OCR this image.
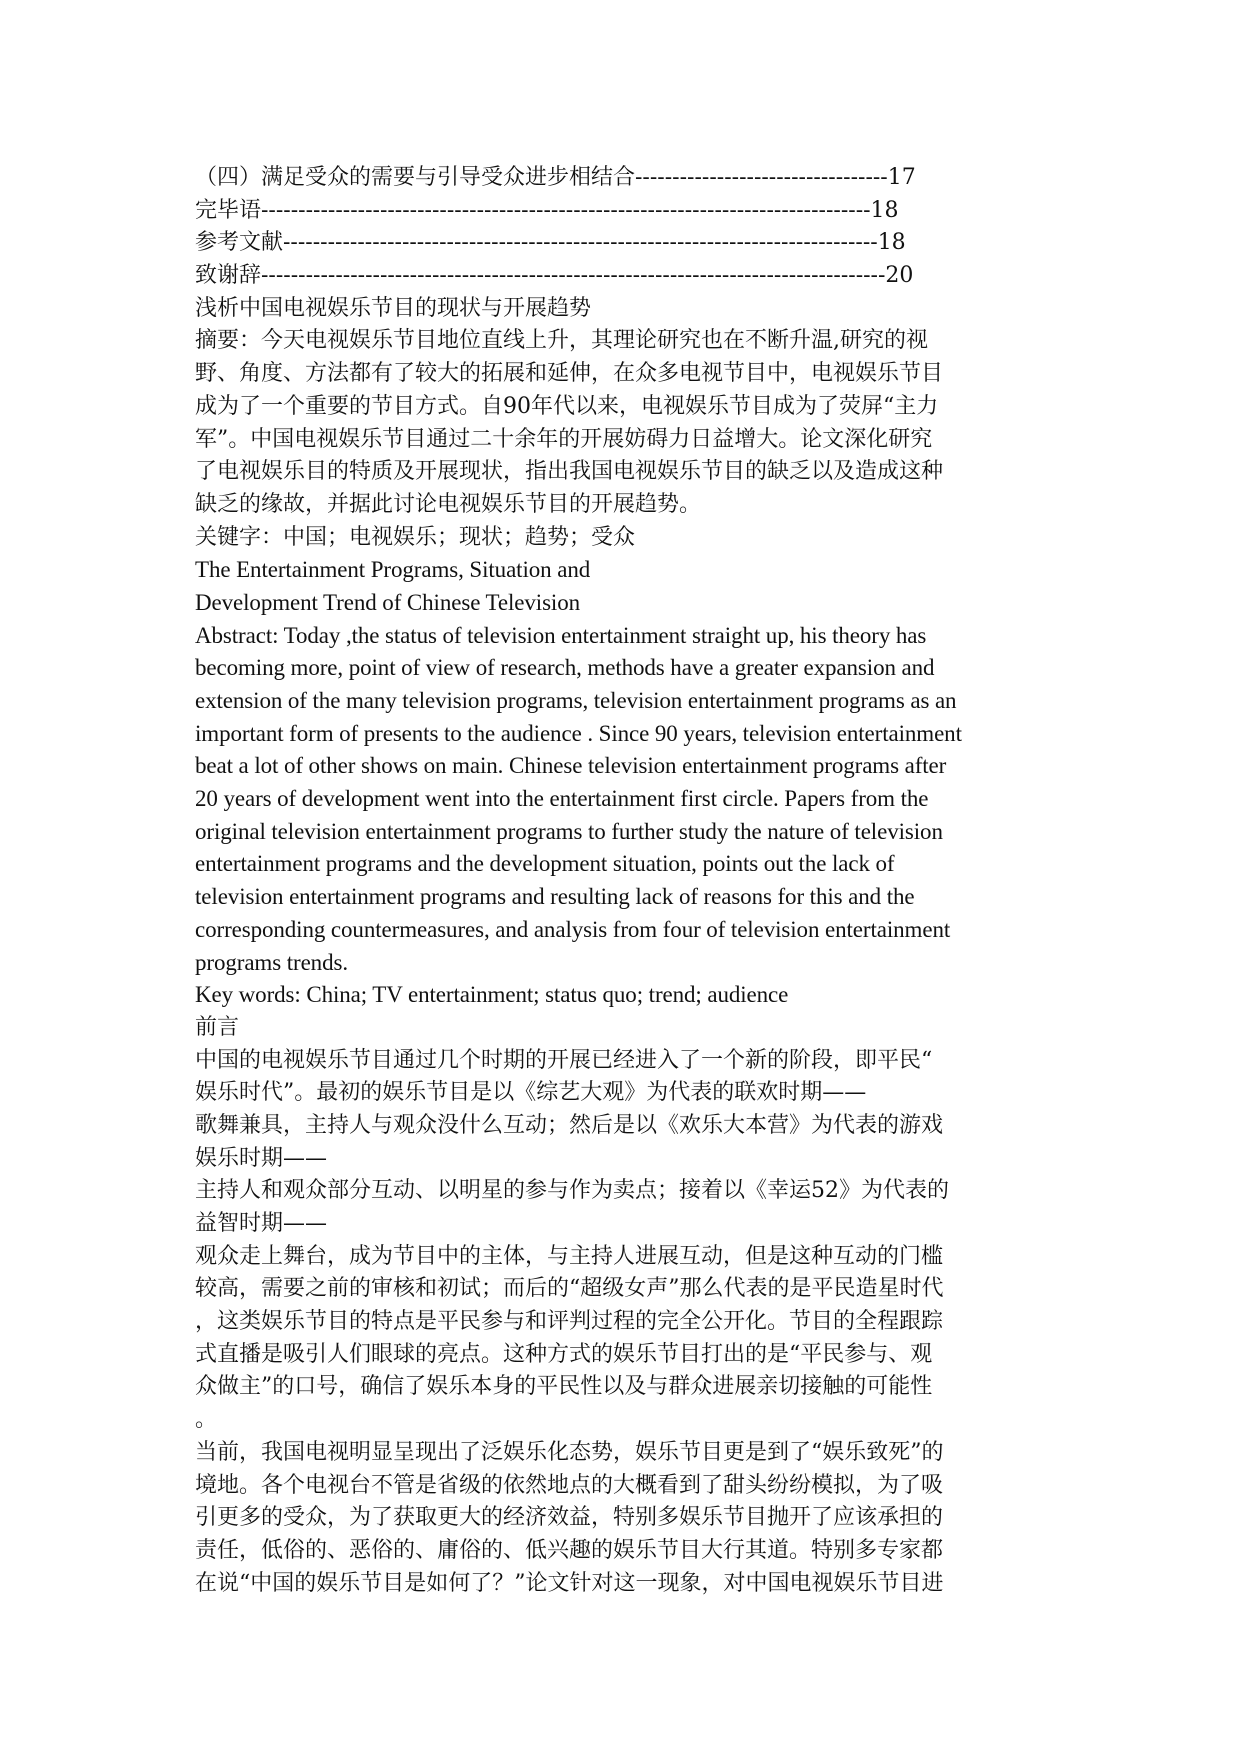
（四）满足受众的需要与引导受众进步相结合----------------------------------17
完毕语----------------------------------------------------------------------------------18
参考文献--------------------------------------------------------------------------------18
致谢辞------------------------------------------------------------------------------------20
浅析中国电视娱乐节目的现状与开展趋势
摘要：今天电视娱乐节目地位直线上升，其理论研究也在不断升温,研究的视
野、角度、方法都有了较大的拓展和延伸，在众多电视节目中，电视娱乐节目
成为了一个重要的节目方式。自90年代以来，电视娱乐节目成为了荧屏“主力
军”。中国电视娱乐节目通过二十余年的开展妨碍力日益增大。论文深化研究
了电视娱乐目的特质及开展现状，指出我国电视娱乐节目的缺乏以及造成这种
缺乏的缘故，并据此讨论电视娱乐节目的开展趋势。
关键字：中国；电视娱乐；现状；趋势；受众
The Entertainment Programs, Situation and
Development Trend of Chinese Television
Abstract: Today ,the status of television entertainment straight up, his theory has
becoming more, point of view of research, methods have a greater expansion and
extension of the many television programs, television entertainment programs as an
important form of presents to the audience . Since 90 years, television entertainment
beat a lot of other shows on main. Chinese television entertainment programs after
20 years of development went into the entertainment first circle. Papers from the
original television entertainment programs to further study the nature of television
entertainment programs and the development situation, points out the lack of
television entertainment programs and resulting lack of reasons for this and the
corresponding countermeasures, and analysis from four of television entertainment
programs trends.
Key words: China; TV entertainment; status quo; trend; audience
前言
中国的电视娱乐节目通过几个时期的开展已经进入了一个新的阶段，即平民“
娱乐时代”。最初的娱乐节目是以《综艺大观》为代表的联欢时期——
歌舞兼具，主持人与观众没什么互动；然后是以《欢乐大本营》为代表的游戏
娱乐时期——
主持人和观众部分互动、以明星的参与作为卖点；接着以《幸运52》为代表的
益智时期——
观众走上舞台，成为节目中的主体，与主持人进展互动，但是这种互动的门槛
较高，需要之前的审核和初试；而后的“超级女声”那么代表的是平民造星时代
，这类娱乐节目的特点是平民参与和评判过程的完全公开化。节目的全程跟踪
式直播是吸引人们眼球的亮点。这种方式的娱乐节目打出的是“平民参与、观
众做主”的口号，确信了娱乐本身的平民性以及与群众进展亲切接触的可能性
。
当前，我国电视明显呈现出了泛娱乐化态势，娱乐节目更是到了“娱乐致死”的
境地。各个电视台不管是省级的依然地点的大概看到了甜头纷纷模拟，为了吸
引更多的受众，为了获取更大的经济效益，特别多娱乐节目抛开了应该承担的
责任，低俗的、恶俗的、庸俗的、低兴趣的娱乐节目大行其道。特别多专家都
在说“中国的娱乐节目是如何了？”论文针对这一现象，对中国电视娱乐节目进
